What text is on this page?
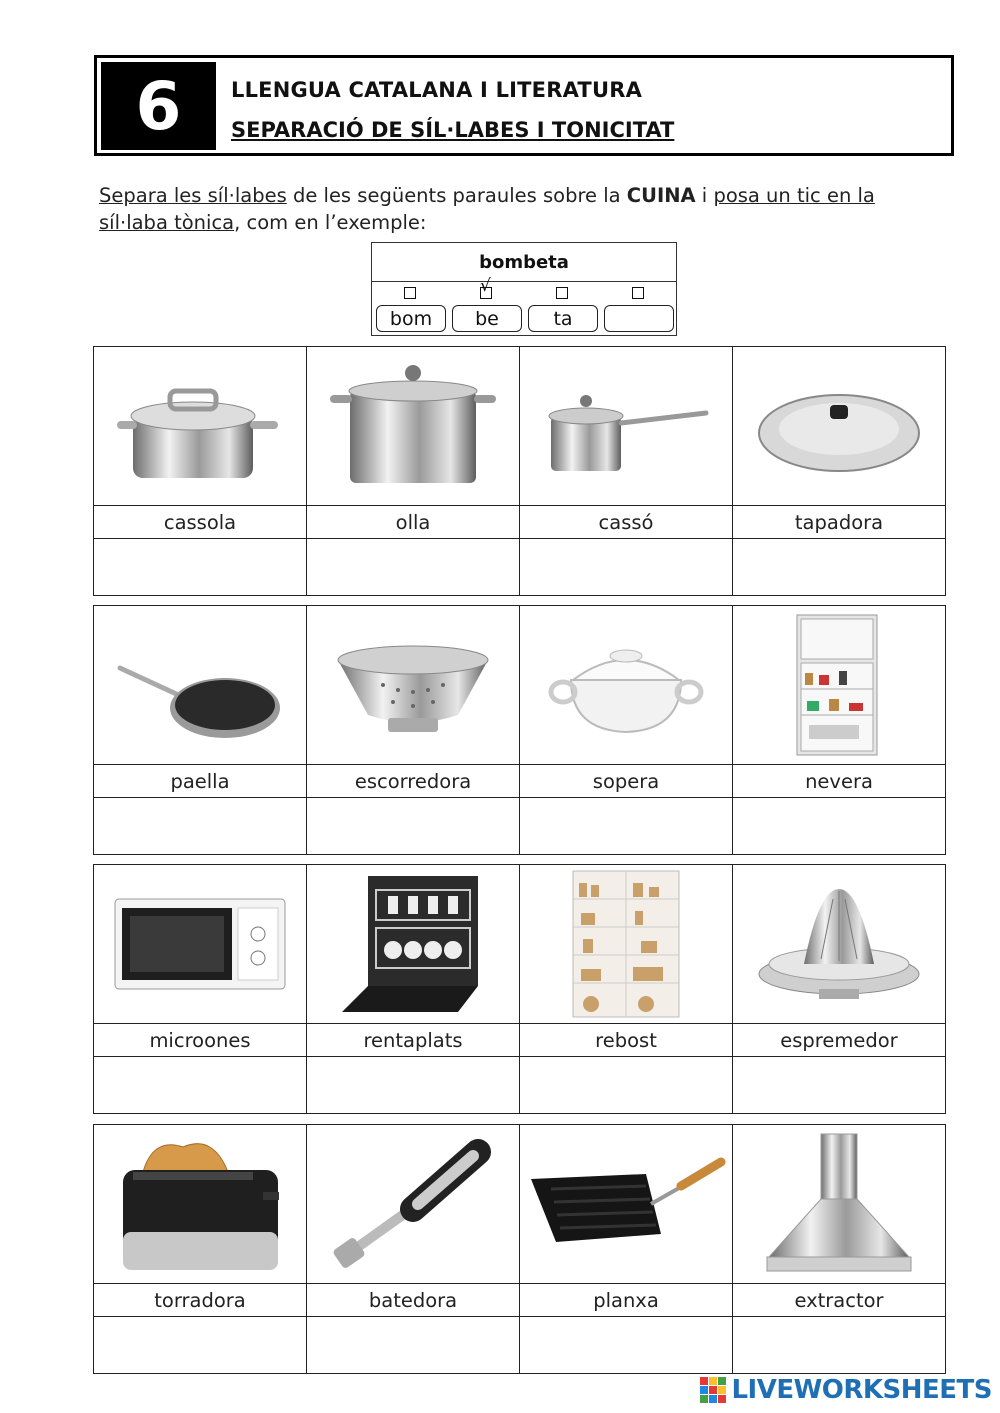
6	LLENGUA CATALANA I LITERATURA
SEPARACIÓ DE SÍL·LABES I TONICITAT
Separa les síl·labes de les següents paraules sobre la CUINA i posa un tic en la síl·laba tònica, com en l’exemple:
bombeta
√
bom	be	ta
cassola	olla	cassó	tapadora
paella	escorredora	sopera	nevera
microones	rentaplats	rebost	espremedor
torradora	batedora	planxa	extractor
LIVEWORKSHEETS
